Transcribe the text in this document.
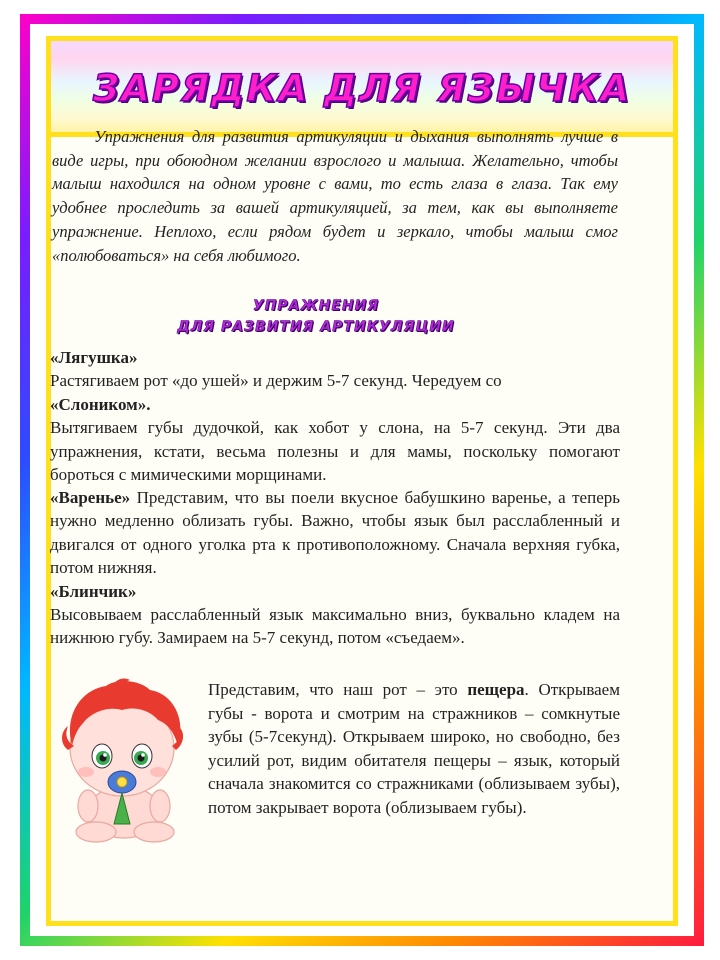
ЗАРЯДКА ДЛЯ ЯЗЫЧКА

Упражнения для развития артикуляции и дыхания выполнять лучше в виде игры, при обоюдном желании взрослого и малыша. Желательно, чтобы малыш находился на одном уровне с вами, то есть глаза в глаза. Так ему удобнее проследить за вашей артикуляцией, за тем, как вы выполняете упражнение. Неплохо, если рядом будет и зеркало, чтобы малыш смог «полюбоваться» на себя любимого.

УПРАЖНЕНИЯ
ДЛЯ РАЗВИТИЯ АРТИКУЛЯЦИИ

«Лягушка»
Растягиваем рот «до ушей» и держим 5-7 секунд. Чередуем со
«Слоником».
Вытягиваем губы дудочкой, как хобот у слона, на 5-7 секунд. Эти два упражнения, кстати, весьма полезны и для мамы, поскольку помогают бороться с мимическими морщинами.

«Варенье» Представим, что вы поели вкусное бабушкино варенье, а теперь нужно медленно облизать губы. Важно, чтобы язык был расслабленный и двигался от одного уголка рта к противоположному. Сначала верхняя губка, потом нижняя.
«Блинчик»
Высовываем расслабленный язык максимально вниз, буквально кладем на нижнюю губу. Замираем на 5-7 секунд, потом «съедаем».

Представим, что наш рот – это пещера. Открываем губы - ворота и смотрим на стражников – сомкнутые зубы (5-7секунд). Открываем широко, но свободно, без усилий рот, видим обитателя пещеры – язык, который сначала знакомится со стражниками (облизываем зубы), потом закрывает ворота (облизываем губы).
